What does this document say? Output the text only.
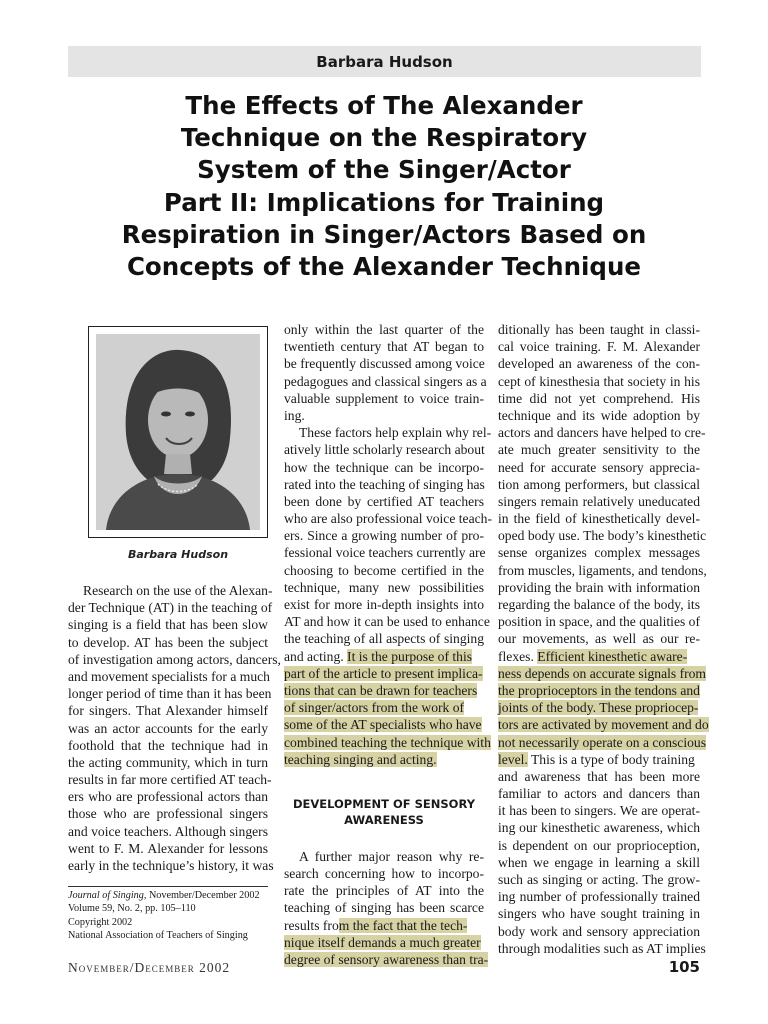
Barbara Hudson
The Effects of The Alexander
Technique on the Respiratory
System of the Singer/Actor
Part II: Implications for Training
Respiration in Singer/Actors Based on
Concepts of the Alexander Technique
Barbara Hudson
Research on the use of the Alexan-
der Technique (AT) in the teaching of
singing is a field that has been slow
to develop. AT has been the subject
of investigation among actors, dancers,
and movement specialists for a much
longer period of time than it has been
for singers. That Alexander himself
was an actor accounts for the early
foothold that the technique had in
the acting community, which in turn
results in far more certified AT teach-
ers who are professional actors than
those who are professional singers
and voice teachers. Although singers
went to F. M. Alexander for lessons
early in the technique’s history, it was
Journal of Singing, November/December 2002
Volume 59, No. 2, pp. 105–110
Copyright 2002
National Association of Teachers of Singing
only within the last quarter of the
twentieth century that AT began to
be frequently discussed among voice
pedagogues and classical singers as a
valuable supplement to voice train-
ing.
These factors help explain why rel-
atively little scholarly research about
how the technique can be incorpo-
rated into the teaching of singing has
been done by certified AT teachers
who are also professional voice teach-
ers. Since a growing number of pro-
fessional voice teachers currently are
choosing to become certified in the
technique, many new possibilities
exist for more in-depth insights into
AT and how it can be used to enhance
the teaching of all aspects of singing
and acting. It is the purpose of this
part of the article to present implica-
tions that can be drawn for teachers
of singer/actors from the work of
some of the AT specialists who have
combined teaching the technique with
teaching singing and acting.
DEVELOPMENT OF SENSORY
AWARENESS
A further major reason why re-
search concerning how to incorpo-
rate the principles of AT into the
teaching of singing has been scarce
results from the fact that the tech-
nique itself demands a much greater
degree of sensory awareness than tra-
ditionally has been taught in classi-
cal voice training. F. M. Alexander
developed an awareness of the con-
cept of kinesthesia that society in his
time did not yet comprehend. His
technique and its wide adoption by
actors and dancers have helped to cre-
ate much greater sensitivity to the
need for accurate sensory apprecia-
tion among performers, but classical
singers remain relatively uneducated
in the field of kinesthetically devel-
oped body use. The body’s kinesthetic
sense organizes complex messages
from muscles, ligaments, and tendons,
providing the brain with information
regarding the balance of the body, its
position in space, and the qualities of
our movements, as well as our re-
flexes. Efficient kinesthetic aware-
ness depends on accurate signals from
the proprioceptors in the tendons and
joints of the body. These propriocep-
tors are activated by movement and do
not necessarily operate on a conscious
level. This is a type of body training
and awareness that has been more
familiar to actors and dancers than
it has been to singers. We are operat-
ing our kinesthetic awareness, which
is dependent on our proprioception,
when we engage in learning a skill
such as singing or acting. The grow-
ing number of professionally trained
singers who have sought training in
body work and sensory appreciation
through modalities such as AT implies
November/December 2002	105
